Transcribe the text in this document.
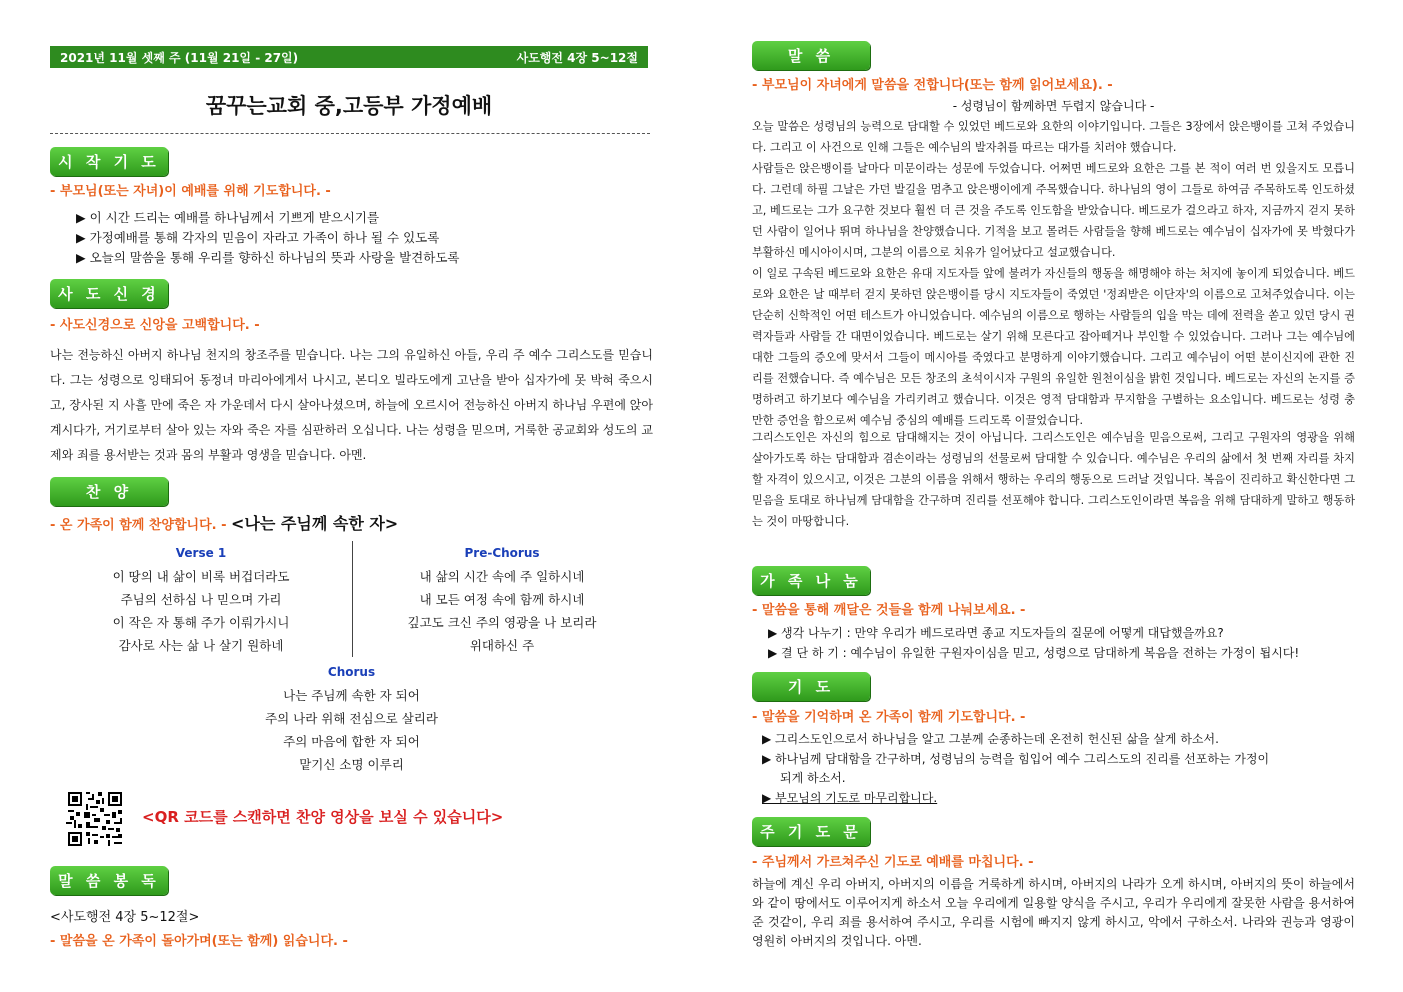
2021년 11월 셋째 주 (11월 21일 - 27일)	사도행전 4장 5~12절
꿈꾸는교회 중,고등부 가정예배
시 작 기 도
- 부모님(또는 자녀)이 예배를 위해 기도합니다. -
▶ 이 시간 드리는 예배를 하나님께서 기쁘게 받으시기를
▶ 가정예배를 통해 각자의 믿음이 자라고 가족이 하나 될 수 있도록
▶ 오늘의 말씀을 통해 우리를 향하신 하나님의 뜻과 사랑을 발견하도록
사 도 신 경
- 사도신경으로 신앙을 고백합니다. -
나는 전능하신 아버지 하나님 천지의 창조주를 믿습니다. 나는 그의 유일하신 아들, 우리 주 예수 그리스도를 믿습니다. 그는 성령으로 잉태되어 동정녀 마리아에게서 나시고, 본디오 빌라도에게 고난을 받아 십자가에 못 박혀 죽으시고, 장사된 지 사흘 만에 죽은 자 가운데서 다시 살아나셨으며, 하늘에 오르시어 전능하신 아버지 하나님 우편에 앉아계시다가, 거기로부터 살아 있는 자와 죽은 자를 심판하러 오십니다. 나는 성령을 믿으며, 거룩한 공교회와 성도의 교제와 죄를 용서받는 것과 몸의 부활과 영생을 믿습니다. 아멘.
찬 양
- 온 가족이 함께 찬양합니다. - <나는 주님께 속한 자>
Verse 1
이 땅의 내 삶이 비록 버겁더라도
주님의 선하심 나 믿으며 가리
이 작은 자 통해 주가 이뤄가시니
감사로 사는 삶 나 살기 원하네
Pre-Chorus
내 삶의 시간 속에 주 일하시네
내 모든 여정 속에 함께 하시네
깊고도 크신 주의 영광을 나 보리라
위대하신 주
Chorus
나는 주님께 속한 자 되어
주의 나라 위해 전심으로 살리라
주의 마음에 합한 자 되어
맡기신 소명 이루리
<QR 코드를 스캔하면 찬양 영상을 보실 수 있습니다>
말 씀 봉 독
<사도행전 4장 5~12절>
- 말씀을 온 가족이 돌아가며(또는 함께) 읽습니다. -
말 씀
- 부모님이 자녀에게 말씀을 전합니다(또는 함께 읽어보세요). -
- 성령님이 함께하면 두렵지 않습니다 -
오늘 말씀은 성령님의 능력으로 담대할 수 있었던 베드로와 요한의 이야기입니다. 그들은 3장에서 앉은뱅이를 고쳐 주었습니다. 그리고 이 사건으로 인해 그들은 예수님의 발자취를 따르는 대가를 치러야 했습니다.
사람들은 앉은뱅이를 날마다 미문이라는 성문에 두었습니다. 어쩌면 베드로와 요한은 그를 본 적이 여러 번 있을지도 모릅니다. 그런데 하필 그날은 가던 발길을 멈추고 앉은뱅이에게 주목했습니다. 하나님의 영이 그들로 하여금 주목하도록 인도하셨고, 베드로는 그가 요구한 것보다 훨씬 더 큰 것을 주도록 인도함을 받았습니다. 베드로가 걸으라고 하자, 지금까지 걷지 못하던 사람이 일어나 뛰며 하나님을 찬양했습니다. 기적을 보고 몰려든 사람들을 향해 베드로는 예수님이 십자가에 못 박혔다가 부활하신 메시아이시며, 그분의 이름으로 치유가 일어났다고 설교했습니다.
이 일로 구속된 베드로와 요한은 유대 지도자들 앞에 불려가 자신들의 행동을 해명해야 하는 처지에 놓이게 되었습니다. 베드로와 요한은 날 때부터 걷지 못하던 앉은뱅이를 당시 지도자들이 죽였던 '정죄받은 이단자'의 이름으로 고쳐주었습니다. 이는 단순히 신학적인 어떤 테스트가 아니었습니다. 예수님의 이름으로 행하는 사람들의 입을 막는 데에 전력을 쏟고 있던 당시 권력자들과 사람들 간 대면이었습니다. 베드로는 살기 위해 모른다고 잡아떼거나 부인할 수 있었습니다. 그러나 그는 예수님에 대한 그들의 증오에 맞서서 그들이 메시아를 죽였다고 분명하게 이야기했습니다. 그리고 예수님이 어떤 분이신지에 관한 진리를 전했습니다. 즉 예수님은 모든 창조의 초석이시자 구원의 유일한 원천이심을 밝힌 것입니다. 베드로는 자신의 논지를 증명하려고 하기보다 예수님을 가리키려고 했습니다. 이것은 영적 담대함과 무지함을 구별하는 요소입니다. 베드로는 성령 충만한 증언을 함으로써 예수님 중심의 예배를 드리도록 이끌었습니다.
그리스도인은 자신의 힘으로 담대해지는 것이 아닙니다. 그리스도인은 예수님을 믿음으로써, 그리고 구원자의 영광을 위해 살아가도록 하는 담대함과 겸손이라는 성령님의 선물로써 담대할 수 있습니다. 예수님은 우리의 삶에서 첫 번째 자리를 차지할 자격이 있으시고, 이것은 그분의 이름을 위해서 행하는 우리의 행동으로 드러날 것입니다. 복음이 진리하고 확신한다면 그 믿음을 토대로 하나님께 담대함을 간구하며 진리를 선포해야 합니다. 그리스도인이라면 복음을 위해 담대하게 말하고 행동하는 것이 마땅합니다.
가 족 나 눔
- 말씀을 통해 깨달은 것들을 함께 나눠보세요. -
▶ 생각 나누기 : 만약 우리가 베드로라면 종교 지도자들의 질문에 어떻게 대답했을까요?
▶ 결 단 하 기 : 예수님이 유일한 구원자이심을 믿고, 성령으로 담대하게 복음을 전하는 가정이 됩시다!
기 도
- 말씀을 기억하며 온 가족이 함께 기도합니다. -
▶ 그리스도인으로서 하나님을 알고 그분께 순종하는데 온전히 헌신된 삶을 살게 하소서.
▶ 하나님께 담대함을 간구하며, 성령님의 능력을 힘입어 예수 그리스도의 진리를 선포하는 가정이
되게 하소서.
▶ 부모님의 기도로 마무리합니다.
주 기 도 문
- 주님께서 가르쳐주신 기도로 예배를 마칩니다. -
하늘에 계신 우리 아버지, 아버지의 이름을 거룩하게 하시며, 아버지의 나라가 오게 하시며, 아버지의 뜻이 하늘에서와 같이 땅에서도 이루어지게 하소서 오늘 우리에게 일용할 양식을 주시고, 우리가 우리에게 잘못한 사람을 용서하여 준 것같이, 우리 죄를 용서하여 주시고, 우리를 시험에 빠지지 않게 하시고, 악에서 구하소서. 나라와 권능과 영광이 영원히 아버지의 것입니다. 아멘.
